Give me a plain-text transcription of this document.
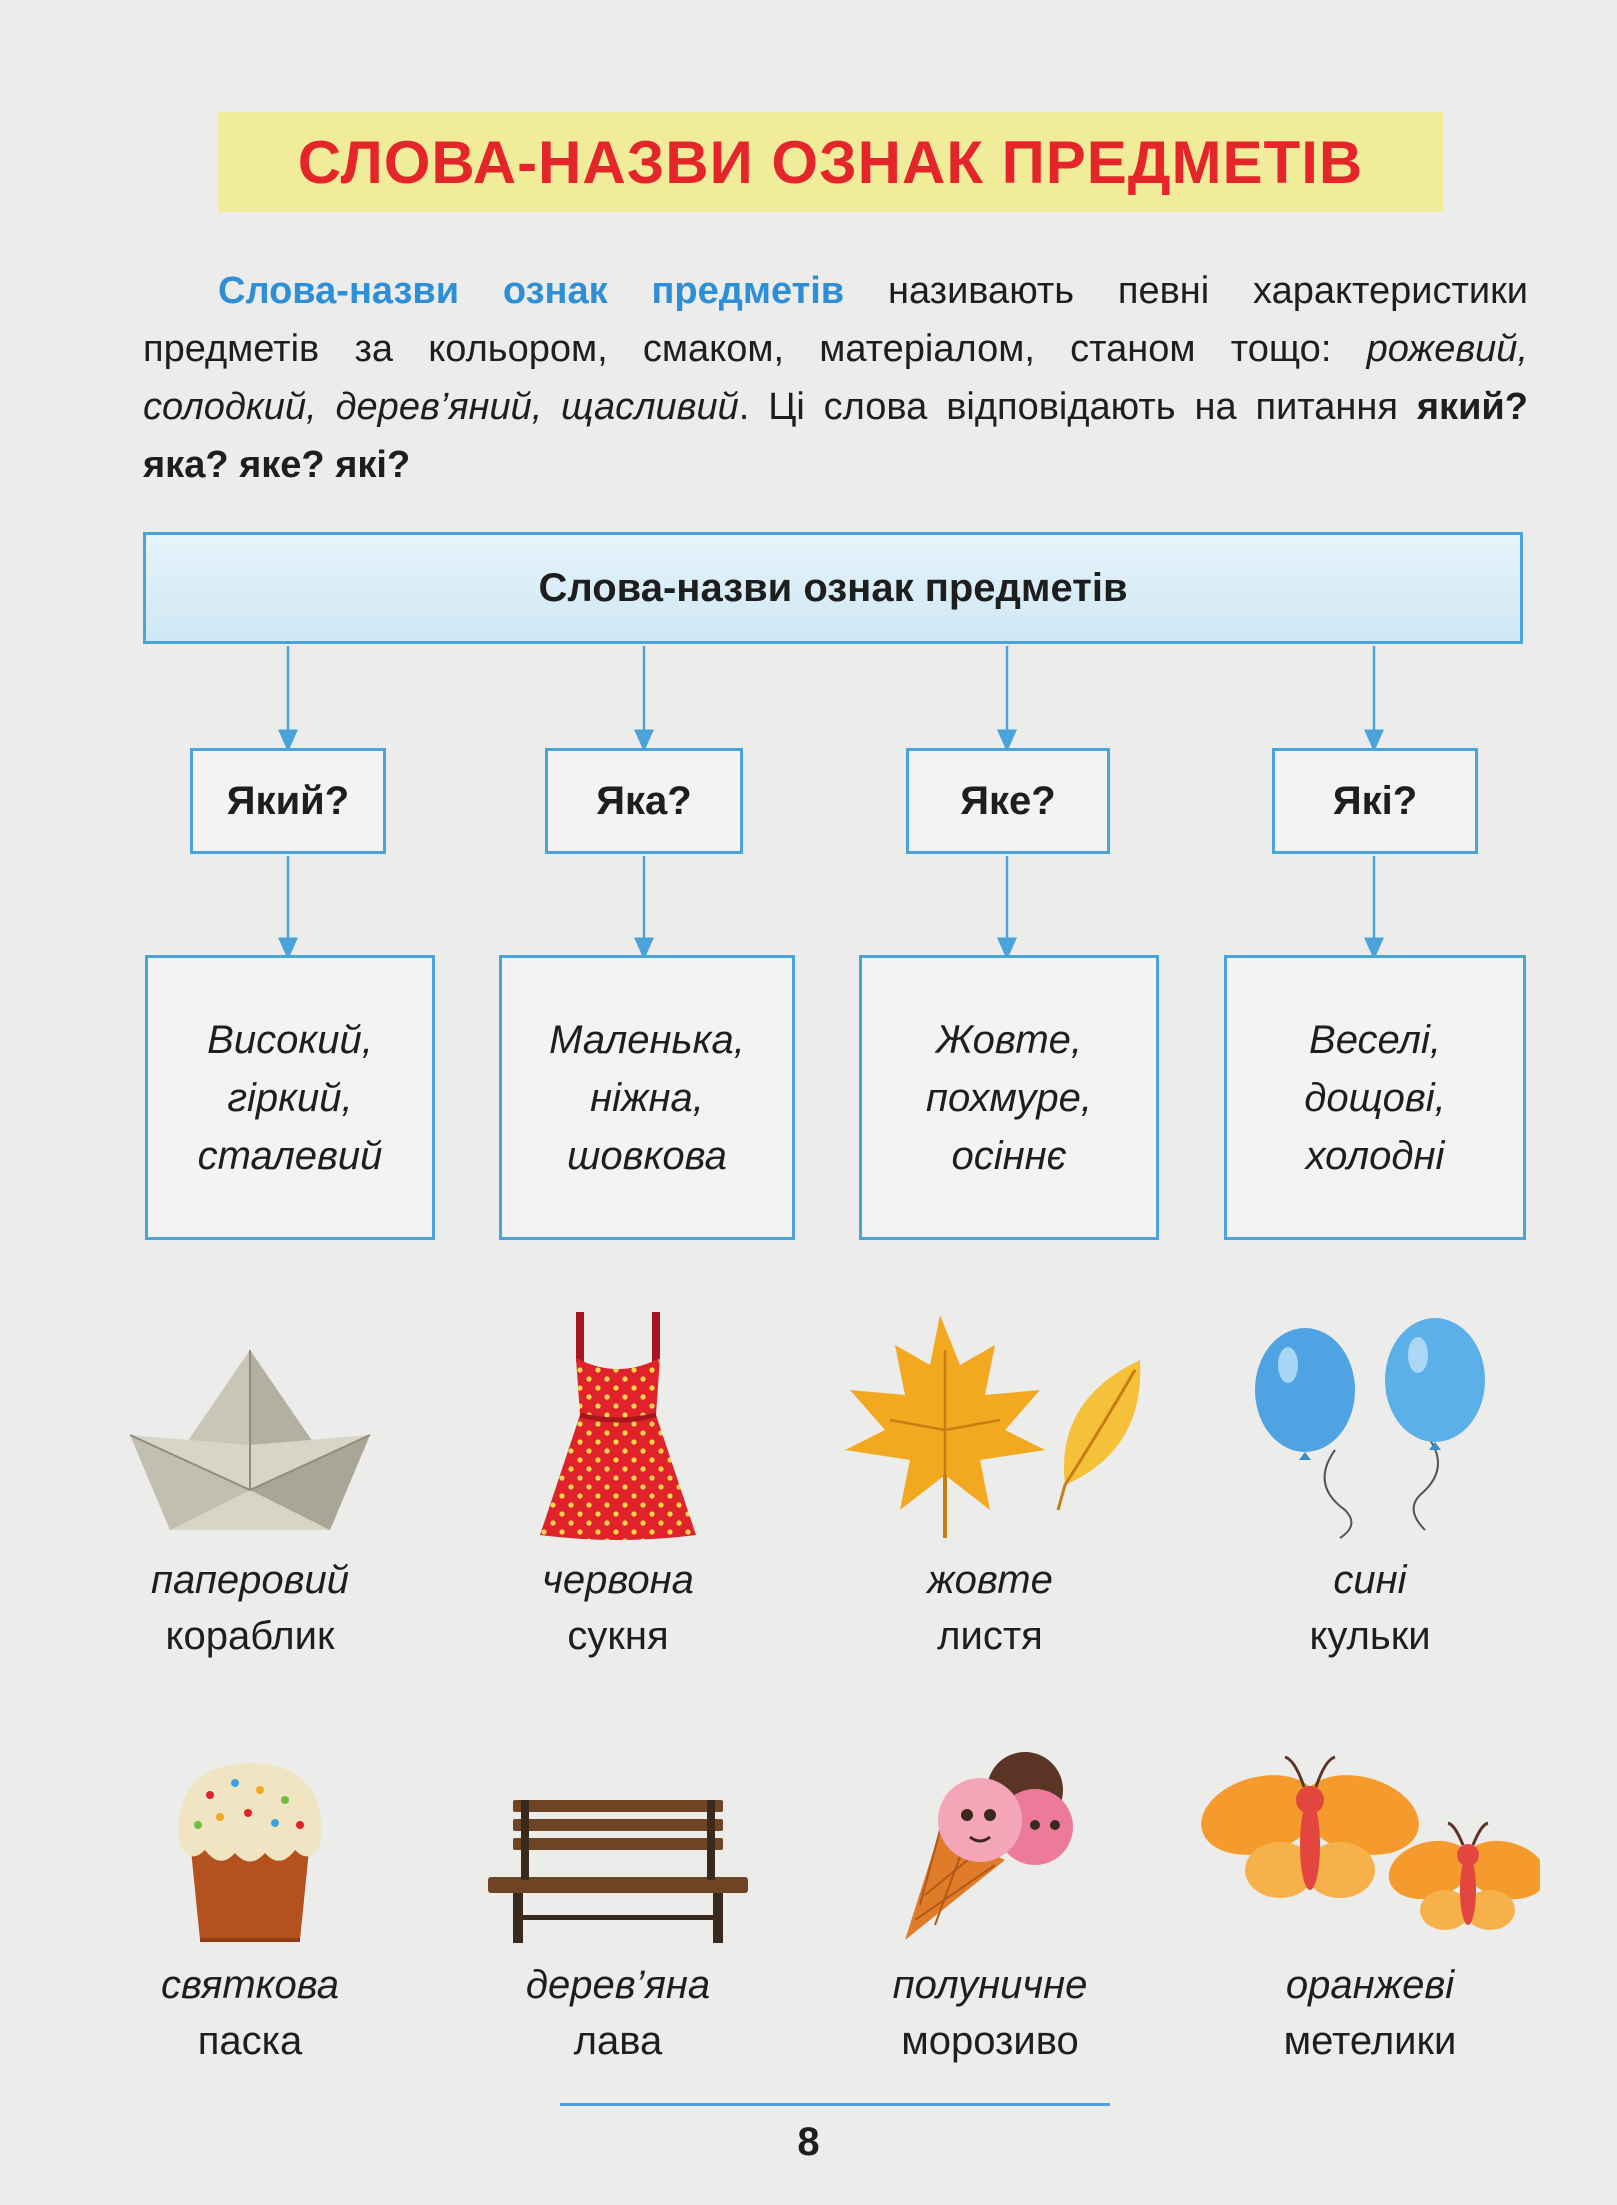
СЛОВА-НАЗВИ ОЗНАК ПРЕДМЕТІВ
Слова-назви ознак предметів називають певні характеристики предметів за кольором, смаком, матеріалом, станом тощо: рожевий, солодкий, дерев’яний, щасливий. Ці слова відповідають на питання який? яка? яке? які?
Слова-назви ознак предметів
Який?	Яка?	Яке?	Які?
Високий,
гіркий,
сталевий
Маленька,
ніжна,
шовкова
Жовте,
похмуре,
осіннє
Веселі,
дощові,
холодні
паперовий
кораблик
червона
сукня
жовте
листя
сині
кульки
святкова
паска
дерев’яна
лава
полуничне
морозиво
оранжеві
метелики
8
